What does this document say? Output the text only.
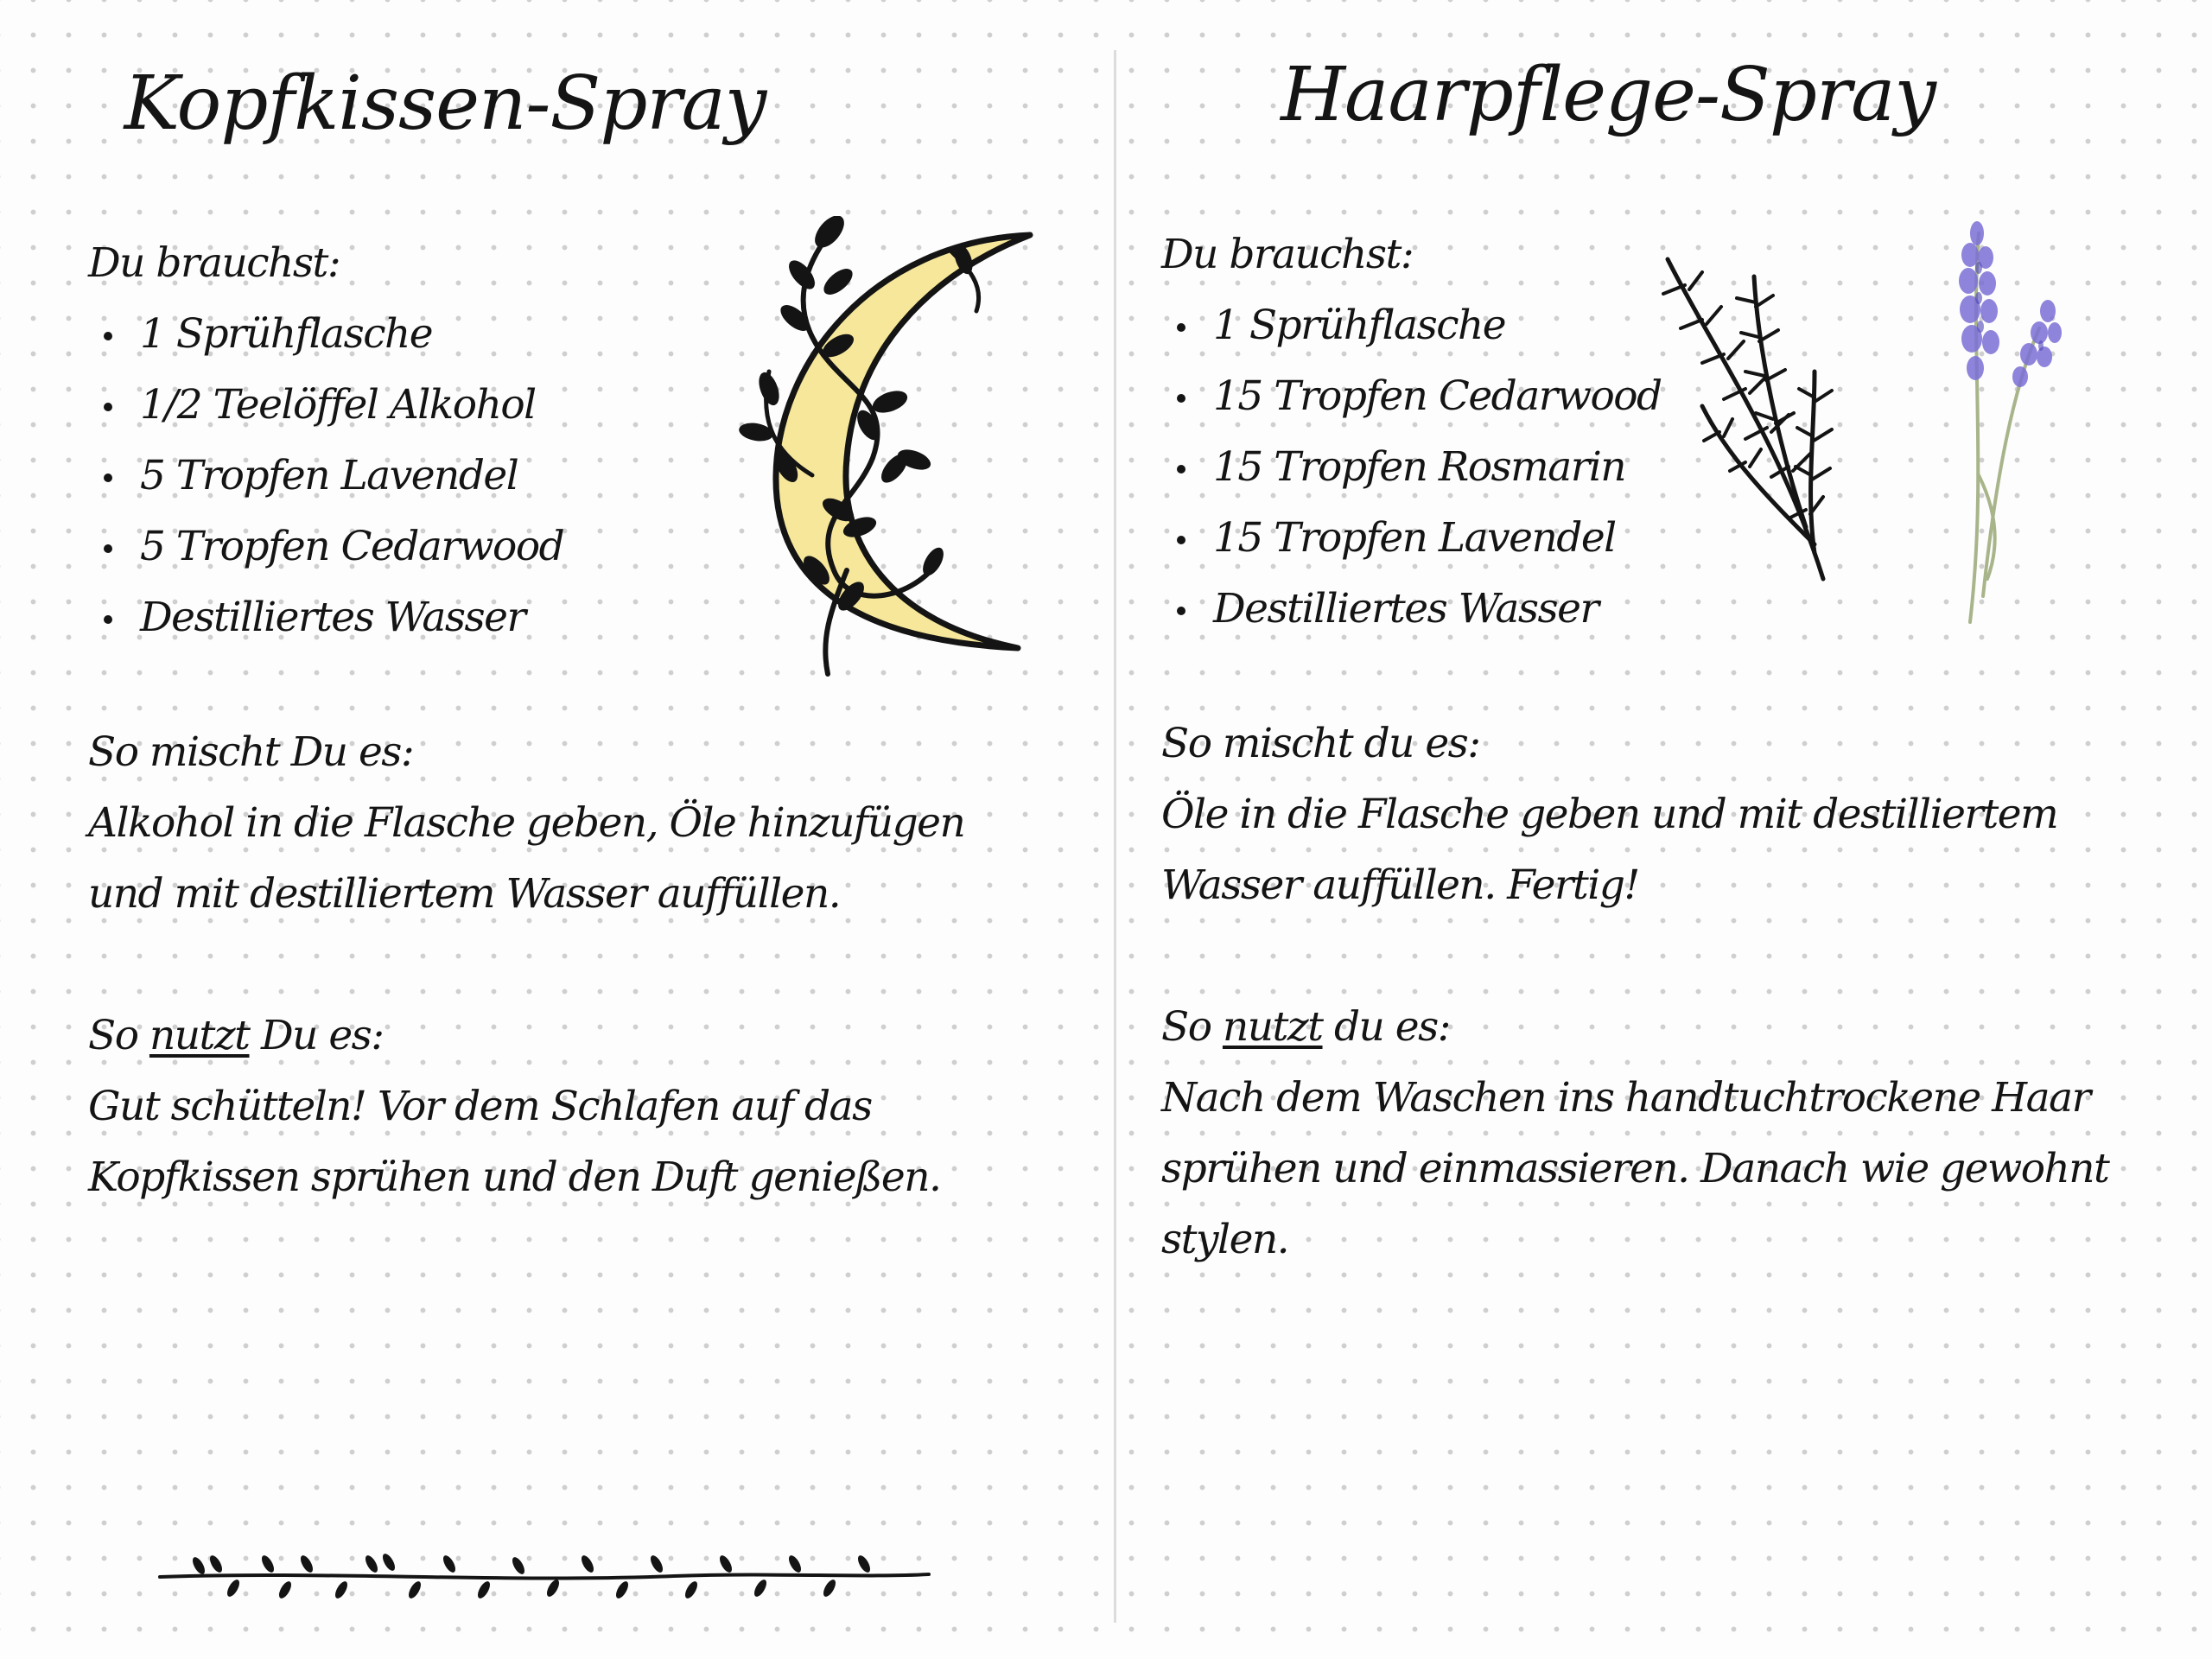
Kopfkissen-Spray

Du brauchst:

1 Sprühflasche
1/2 Teelöffel Alkohol
5 Tropfen Lavendel
5 Tropfen Cedarwood
Destilliertes Wasser

So mischt Du es:

Alkohol in die Flasche geben, Öle hinzufügen und mit destilliertem Wasser auffüllen.

So nutzt Du es:

Gut schütteln! Vor dem Schlafen auf das Kopfkissen sprühen und den Duft genießen.

Haarpflege-Spray

Du brauchst:

1 Sprühflasche
15 Tropfen Cedarwood
15 Tropfen Rosmarin
15 Tropfen Lavendel
Destilliertes Wasser

So mischt du es:

Öle in die Flasche geben und mit destilliertem Wasser auffüllen. Fertig!

So nutzt du es:

Nach dem Waschen ins handtuchtrockene Haar sprühen und einmassieren. Danach wie gewohnt stylen.
